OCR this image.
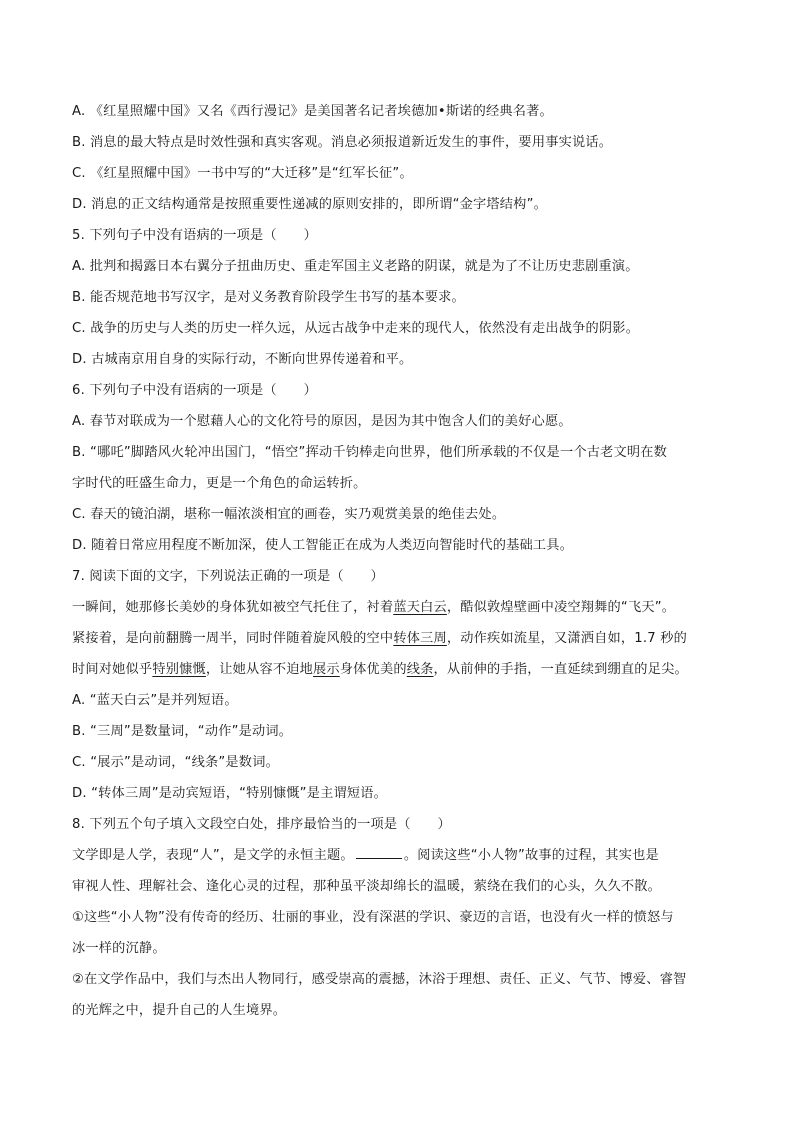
A. 《红星照耀中国》又名《西行漫记》是美国著名记者埃德加•斯诺的经典名著。
B. 消息的最大特点是时效性强和真实客观。消息必须报道新近发生的事件，要用事实说话。
C. 《红星照耀中国》一书中写的“大迁移”是“红军长征”。
D. 消息的正文结构通常是按照重要性递减的原则安排的，即所谓“金字塔结构”。
5. 下列句子中没有语病的一项是（　　）
A. 批判和揭露日本右翼分子扭曲历史、重走军国主义老路的阴谋，就是为了不让历史悲剧重演。
B. 能否规范地书写汉字，是对义务教育阶段学生书写的基本要求。
C. 战争的历史与人类的历史一样久远，从远古战争中走来的现代人，依然没有走出战争的阴影。
D. 古城南京用自身的实际行动，不断向世界传递着和平。
6. 下列句子中没有语病的一项是（　　）
A. 春节对联成为一个慰藉人心的文化符号的原因，是因为其中饱含人们的美好心愿。
B. “哪吒”脚踏风火轮冲出国门，“悟空”挥动千钧棒走向世界，他们所承载的不仅是一个古老文明在数
字时代的旺盛生命力，更是一个角色的命运转折。
C. 春天的镜泊湖，堪称一幅浓淡相宜的画卷，实乃观赏美景的绝佳去处。
D. 随着日常应用程度不断加深，使人工智能正在成为人类迈向智能时代的基础工具。
7. 阅读下面的文字，下列说法正确的一项是（　　）
一瞬间，她那修长美妙的身体犹如被空气托住了，衬着蓝天白云，酷似敦煌壁画中凌空翔舞的“飞天”。
紧接着，是向前翻腾一周半，同时伴随着旋风般的空中转体三周，动作疾如流星，又潇洒自如，1.7 秒的
时间对她似乎特别慷慨，让她从容不迫地展示身体优美的线条，从前伸的手指，一直延续到绷直的足尖。
A. “蓝天白云”是并列短语。
B. “三周”是数量词，“动作”是动词。
C. “展示”是动词，“线条”是数词。
D. “转体三周”是动宾短语，“特别慷慨”是主谓短语。
8. 下列五个句子填入文段空白处，排序最恰当的一项是（　　）
文学即是人学，表现“人”，是文学的永恒主题。	。阅读这些“小人物”故事的过程，其实也是
审视人性、理解社会、逢化心灵的过程，那种虽平淡却绵长的温暖，萦绕在我们的心头，久久不散。
①这些“小人物”没有传奇的经历、壮丽的事业，没有深湛的学识、豪迈的言语，也没有火一样的愤怒与
冰一样的沉静。
②在文学作品中，我们与杰出人物同行，感受崇高的震撼，沐浴于理想、责任、正义、气节、博爱、睿智
的光辉之中，提升自己的人生境界。
